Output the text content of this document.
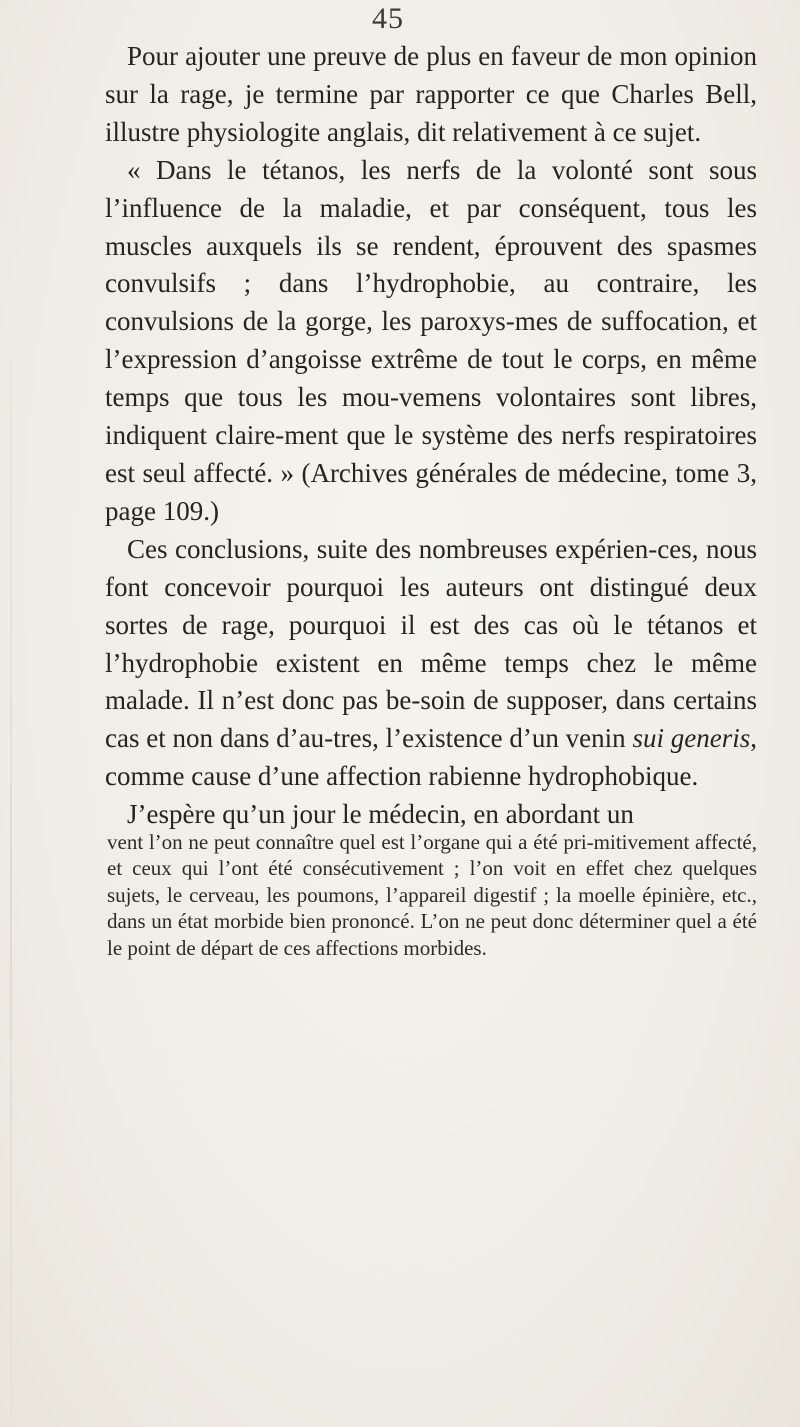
45

Pour ajouter une preuve de plus en faveur de mon opinion sur la rage, je termine par rapporter ce que Charles Bell, illustre physiologite anglais, dit relativement à ce sujet.

« Dans le tétanos, les nerfs de la volonté sont sous l’influence de la maladie, et par conséquent, tous les muscles auxquels ils se rendent, éprouvent des spasmes convulsifs ; dans l’hydrophobie, au contraire, les convulsions de la gorge, les paroxys-mes de suffocation, et l’expression d’angoisse extrême de tout le corps, en même temps que tous les mou-vemens volontaires sont libres, indiquent claire-ment que le système des nerfs respiratoires est seul affecté. » (Archives générales de médecine, tome 3, page 109.)

Ces conclusions, suite des nombreuses expérien-ces, nous font concevoir pourquoi les auteurs ont distingué deux sortes de rage, pourquoi il est des cas où le tétanos et l’hydrophobie existent en même temps chez le même malade. Il n’est donc pas be-soin de supposer, dans certains cas et non dans d’au-tres, l’existence d’un venin sui generis, comme cause d’une affection rabienne hydrophobique.

J’espère qu’un jour le médecin, en abordant un

vent l’on ne peut connaître quel est l’organe qui a été pri-mitivement affecté, et ceux qui l’ont été consécutivement ; l’on voit en effet chez quelques sujets, le cerveau, les poumons, l’appareil digestif ; la moelle épinière, etc., dans un état morbide bien prononcé. L’on ne peut donc déterminer quel a été le point de départ de ces affections morbides.
